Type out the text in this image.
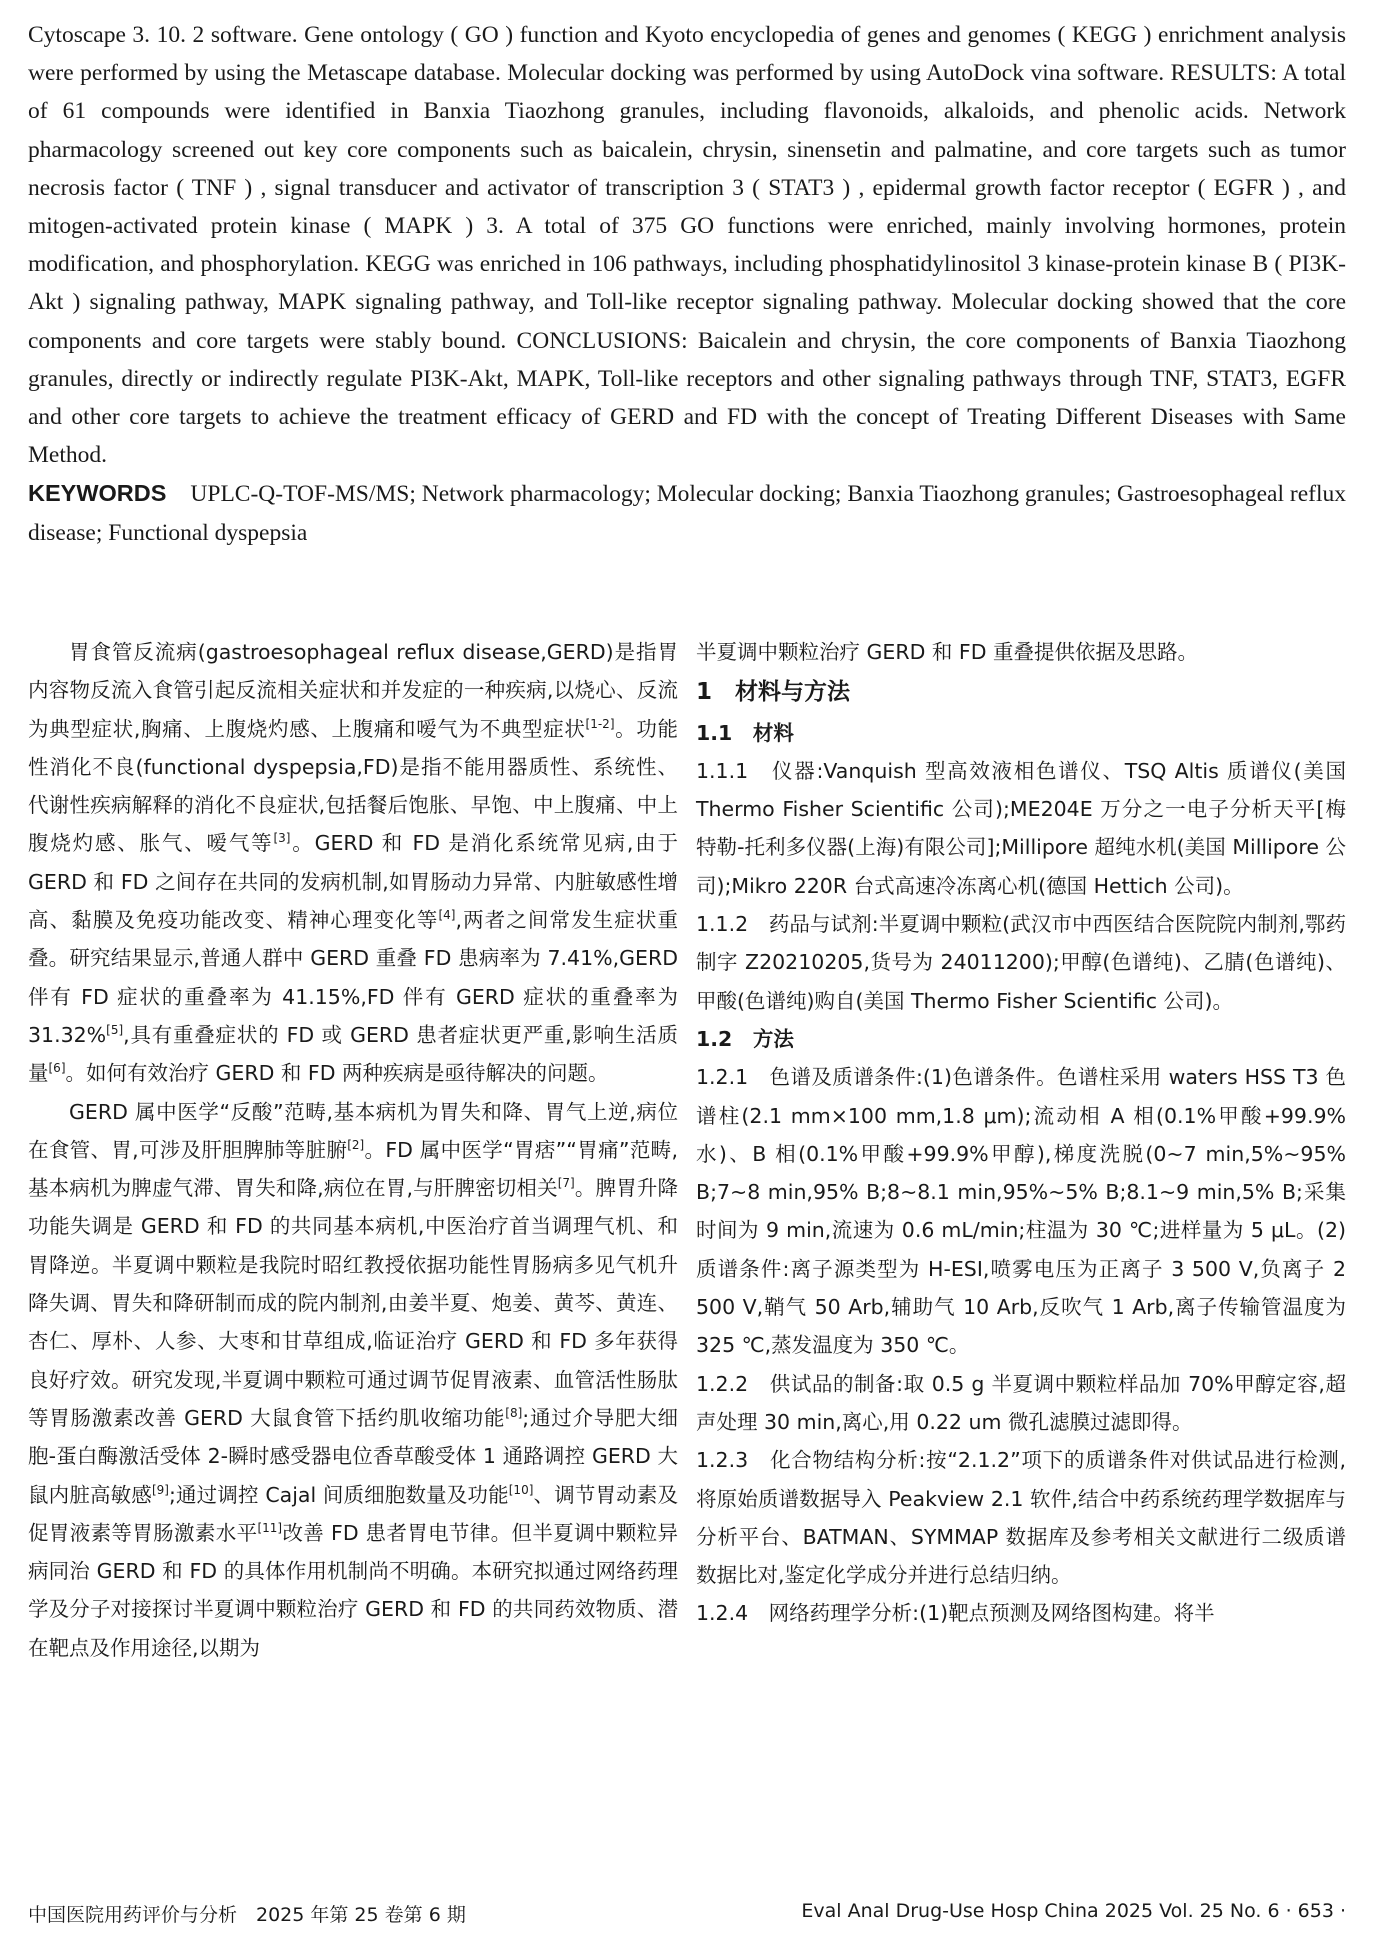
Cytoscape 3. 10. 2 software. Gene ontology ( GO ) function and Kyoto encyclopedia of genes and genomes ( KEGG ) enrichment analysis were performed by using the Metascape database. Molecular docking was performed by using AutoDock vina software. RESULTS: A total of 61 compounds were identified in Banxia Tiaozhong granules, including flavonoids, alkaloids, and phenolic acids. Network pharmacology screened out key core components such as baicalein, chrysin, sinensetin and palmatine, and core targets such as tumor necrosis factor ( TNF ) , signal transducer and activator of transcription 3 ( STAT3 ) , epidermal growth factor receptor ( EGFR ) , and mitogen-activated protein kinase ( MAPK ) 3. A total of 375 GO functions were enriched, mainly involving hormones, protein modification, and phosphorylation. KEGG was enriched in 106 pathways, including phosphatidylinositol 3 kinase-protein kinase B ( PI3K-Akt ) signaling pathway, MAPK signaling pathway, and Toll-like receptor signaling pathway. Molecular docking showed that the core components and core targets were stably bound. CONCLUSIONS: Baicalein and chrysin, the core components of Banxia Tiaozhong granules, directly or indirectly regulate PI3K-Akt, MAPK, Toll-like receptors and other signaling pathways through TNF, STAT3, EGFR and other core targets to achieve the treatment efficacy of GERD and FD with the concept of Treating Different Diseases with Same Method.

KEYWORDS UPLC-Q-TOF-MS/MS; Network pharmacology; Molecular docking; Banxia Tiaozhong granules; Gastroesophageal reflux disease; Functional dyspepsia

胃食管反流病(gastroesophageal reflux disease,GERD)是指胃内容物反流入食管引起反流相关症状和并发症的一种疾病,以烧心、反流为典型症状,胸痛、上腹烧灼感、上腹痛和嗳气为不典型症状[1-2]。功能性消化不良(functional dyspepsia,FD)是指不能用器质性、系统性、代谢性疾病解释的消化不良症状,包括餐后饱胀、早饱、中上腹痛、中上腹烧灼感、胀气、嗳气等[3]。GERD 和 FD 是消化系统常见病,由于 GERD 和 FD 之间存在共同的发病机制,如胃肠动力异常、内脏敏感性增高、黏膜及免疫功能改变、精神心理变化等[4],两者之间常发生症状重叠。研究结果显示,普通人群中 GERD 重叠 FD 患病率为 7.41%,GERD 伴有 FD 症状的重叠率为 41.15%,FD 伴有 GERD 症状的重叠率为 31.32%[5],具有重叠症状的 FD 或 GERD 患者症状更严重,影响生活质量[6]。如何有效治疗 GERD 和 FD 两种疾病是亟待解决的问题。

GERD 属中医学“反酸”范畴,基本病机为胃失和降、胃气上逆,病位在食管、胃,可涉及肝胆脾肺等脏腑[2]。FD 属中医学“胃痞”“胃痛”范畴,基本病机为脾虚气滞、胃失和降,病位在胃,与肝脾密切相关[7]。脾胃升降功能失调是 GERD 和 FD 的共同基本病机,中医治疗首当调理气机、和胃降逆。半夏调中颗粒是我院时昭红教授依据功能性胃肠病多见气机升降失调、胃失和降研制而成的院内制剂,由姜半夏、炮姜、黄芩、黄连、杏仁、厚朴、人参、大枣和甘草组成,临证治疗 GERD 和 FD 多年获得良好疗效。研究发现,半夏调中颗粒可通过调节促胃液素、血管活性肠肽等胃肠激素改善 GERD 大鼠食管下括约肌收缩功能[8];通过介导肥大细胞-蛋白酶激活受体 2-瞬时感受器电位香草酸受体 1 通路调控 GERD 大鼠内脏高敏感[9];通过调控 Cajal 间质细胞数量及功能[10]、调节胃动素及促胃液素等胃肠激素水平[11]改善 FD 患者胃电节律。但半夏调中颗粒异病同治 GERD 和 FD 的具体作用机制尚不明确。本研究拟通过网络药理学及分子对接探讨半夏调中颗粒治疗 GERD 和 FD 的共同药效物质、潜在靶点及作用途径,以期为

半夏调中颗粒治疗 GERD 和 FD 重叠提供依据及思路。

1　材料与方法

1.1　材料

1.1.1　仪器:Vanquish 型高效液相色谱仪、TSQ Altis 质谱仪(美国 Thermo Fisher Scientific 公司);ME204E 万分之一电子分析天平[梅特勒-托利多仪器(上海)有限公司];Millipore 超纯水机(美国 Millipore 公司);Mikro 220R 台式高速冷冻离心机(德国 Hettich 公司)。

1.1.2　药品与试剂:半夏调中颗粒(武汉市中西医结合医院院内制剂,鄂药制字 Z20210205,货号为 24011200);甲醇(色谱纯)、乙腈(色谱纯)、甲酸(色谱纯)购自(美国 Thermo Fisher Scientific 公司)。

1.2　方法

1.2.1　色谱及质谱条件:(1)色谱条件。色谱柱采用 waters HSS T3 色谱柱(2.1 mm×100 mm,1.8 μm);流动相 A 相(0.1%甲酸+99.9%水)、B 相(0.1%甲酸+99.9%甲醇),梯度洗脱(0~7 min,5%~95% B;7~8 min,95% B;8~8.1 min,95%~5% B;8.1~9 min,5% B;采集时间为 9 min,流速为 0.6 mL/min;柱温为 30 ℃;进样量为 5 μL。(2)质谱条件:离子源类型为 H-ESI,喷雾电压为正离子 3 500 V,负离子 2 500 V,鞘气 50 Arb,辅助气 10 Arb,反吹气 1 Arb,离子传输管温度为 325 ℃,蒸发温度为 350 ℃。

1.2.2　供试品的制备:取 0.5 g 半夏调中颗粒样品加 70%甲醇定容,超声处理 30 min,离心,用 0.22 um 微孔滤膜过滤即得。

1.2.3　化合物结构分析:按“2.1.2”项下的质谱条件对供试品进行检测,将原始质谱数据导入 Peakview 2.1 软件,结合中药系统药理学数据库与分析平台、BATMAN、SYMMAP 数据库及参考相关文献进行二级质谱数据比对,鉴定化学成分并进行总结归纳。

1.2.4　网络药理学分析:(1)靶点预测及网络图构建。将半

中国医院用药评价与分析　2025 年第 25 卷第 6 期	Eval Anal Drug-Use Hosp China 2025 Vol. 25 No. 6 · 653 ·
